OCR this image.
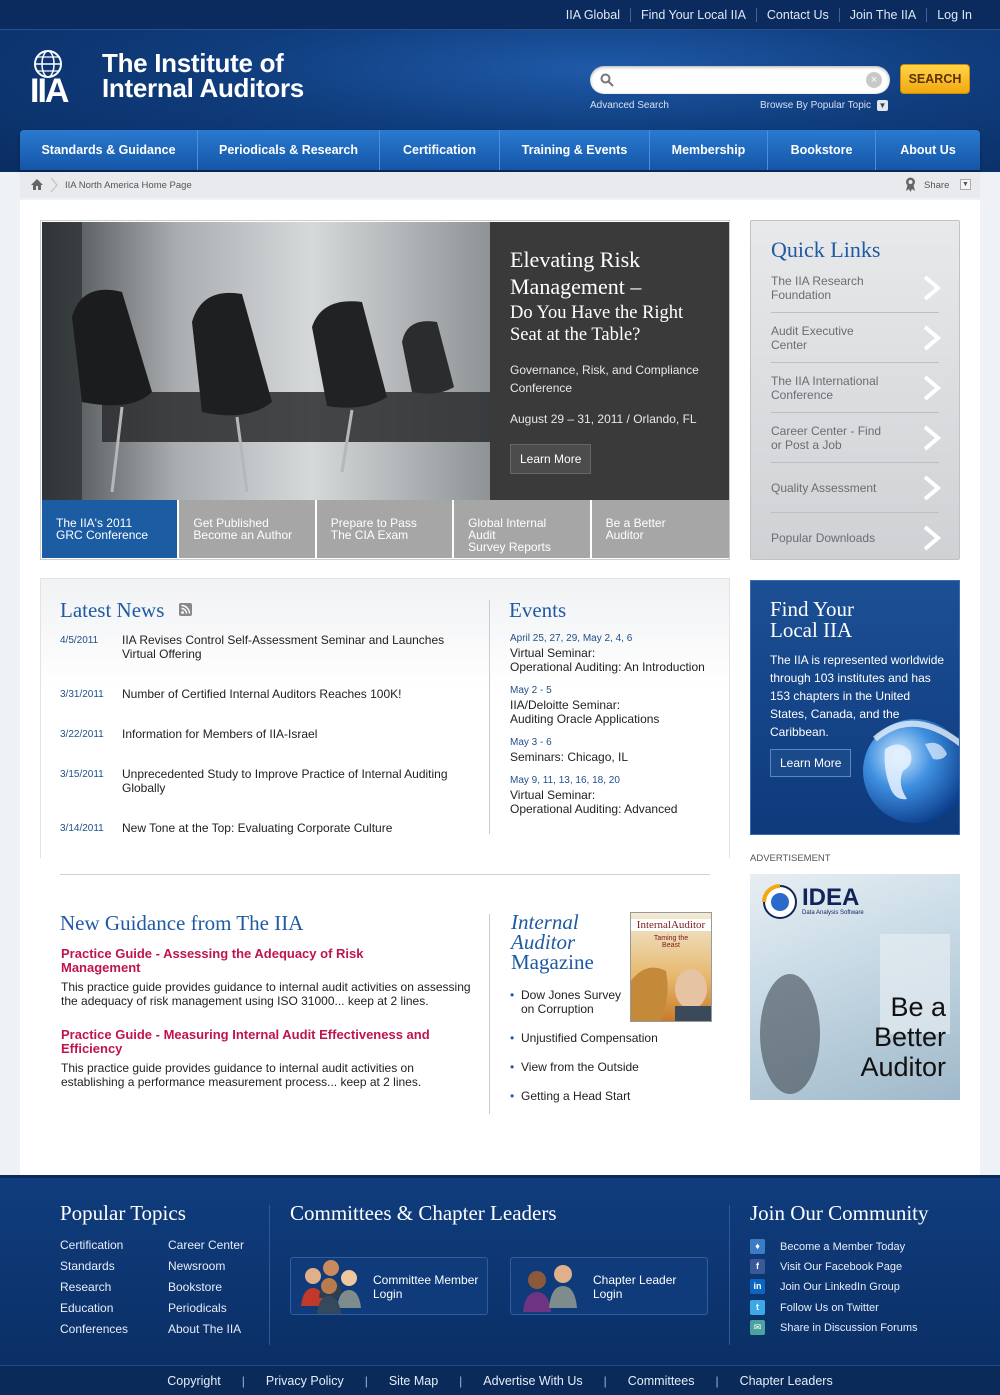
IIA Global	Find Your Local IIA	Contact Us	Join The IIA	Log In
IIA
The Institute of
Internal Auditors	×	SEARCH
Advanced Search	Browse By Popular Topic ▼
Standards & Guidance	Periodicals & Research	Certification	Training & Events	Membership	Bookstore	About Us
IIA North America Home Page	Share ▼
Elevating Risk Management –
Do You Have the Right Seat at the Table?
Governance, Risk, and Compliance Conference
August 29 – 31, 2011 / Orlando, FL
Learn More
The IIA's 2011
GRC Conference
Get Published
Become an Author
Prepare to Pass
The CIA Exam
Global Internal Audit
Survey Reports
Be a Better
Auditor
Quick Links
The IIA Research Foundation
Audit Executive Center
The IIA International Conference
Career Center - Find or Post a Job
Quality Assessment
Popular Downloads
Latest News
4/5/2011	IIA Revises Control Self-Assessment Seminar and Launches Virtual Offering
3/31/2011	Number of Certified Internal Auditors Reaches 100K!
3/22/2011	Information for Members of IIA-Israel
3/15/2011	Unprecedented Study to Improve Practice of Internal Auditing Globally
3/14/2011	New Tone at the Top: Evaluating Corporate Culture
Events
April 25, 27, 29, May 2, 4, 6
Virtual Seminar:
Operational Auditing: An Introduction
May 2 - 5
IIA/Deloitte Seminar:
Auditing Oracle Applications
May 3 - 6
Seminars: Chicago, IL
May 9, 11, 13, 16, 18, 20
Virtual Seminar:
Operational Auditing: Advanced
Find Your
Local IIA
The IIA is represented worldwide through 103 institutes and has 153 chapters in the United States, Canada, and the Caribbean.
Learn More
New Guidance from The IIA
Practice Guide - Assessing the Adequacy of Risk Management
This practice guide provides guidance to internal audit activities on assessing the adequacy of risk management using ISO 31000... keep at 2 lines.
Practice Guide - Measuring Internal Audit Effectiveness and Efficiency
This practice guide provides guidance to internal audit activities on establishing a performance measurement process... keep at 2 lines.
Internal
Auditor
Magazine
InternalAuditor
Taming the Beast
• Dow Jones Survey on Corruption
• Unjustified Compensation
• View from the Outside
• Getting a Head Start
ADVERTISEMENT
IDEA
Data Analysis Software
Be a Better Auditor
Popular Topics
Certification
Standards
Research
Education
Conferences
Career Center
Newsroom
Bookstore
Periodicals
About The IIA
Committees & Chapter Leaders
Committee Member Login
Chapter Leader Login
Join Our Community
♦	Become a Member Today
f	Visit Our Facebook Page
in	Join Our LinkedIn Group
t	Follow Us on Twitter
✉	Share in Discussion Forums
Copyright	|	Privacy Policy	|	Site Map	|	Advertise With Us	|	Committees	|	Chapter Leaders
